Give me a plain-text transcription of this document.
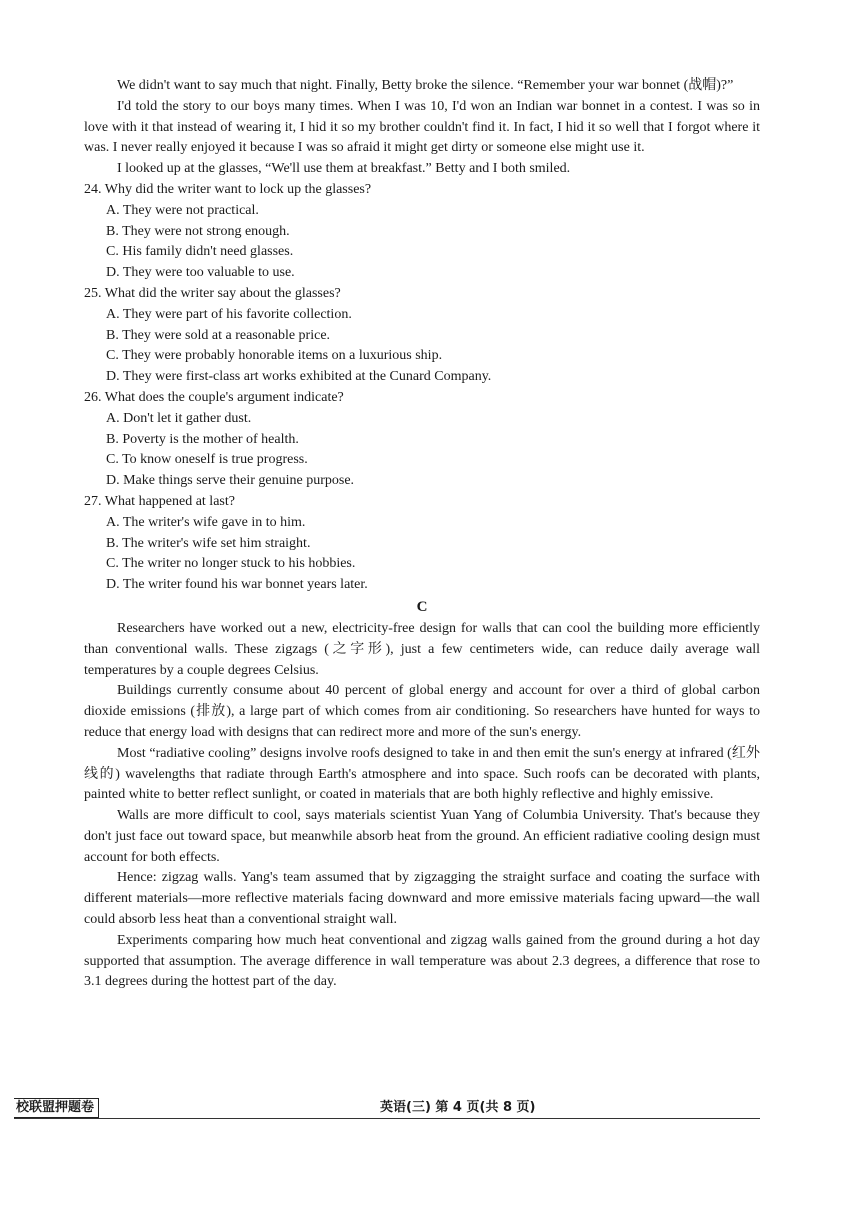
We didn't want to say much that night. Finally, Betty broke the silence. “Remember your war bonnet (战帽)?”

I'd told the story to our boys many times. When I was 10, I'd won an Indian war bonnet in a contest. I was so in love with it that instead of wearing it, I hid it so my brother couldn't find it. In fact, I hid it so well that I forgot where it was. I never really enjoyed it because I was so afraid it might get dirty or someone else might use it.

I looked up at the glasses, “We'll use them at breakfast.” Betty and I both smiled.

24. Why did the writer want to lock up the glasses?

A. They were not practical.

B. They were not strong enough.

C. His family didn't need glasses.

D. They were too valuable to use.

25. What did the writer say about the glasses?

A. They were part of his favorite collection.

B. They were sold at a reasonable price.

C. They were probably honorable items on a luxurious ship.

D. They were first-class art works exhibited at the Cunard Company.

26. What does the couple's argument indicate?

A. Don't let it gather dust.

B. Poverty is the mother of health.

C. To know oneself is true progress.

D. Make things serve their genuine purpose.

27. What happened at last?

A. The writer's wife gave in to him.

B. The writer's wife set him straight.

C. The writer no longer stuck to his hobbies.

D. The writer found his war bonnet years later.

C

Researchers have worked out a new, electricity-free design for walls that can cool the building more efficiently than conventional walls. These zigzags (之字形), just a few centimeters wide, can reduce daily average wall temperatures by a couple degrees Celsius.

Buildings currently consume about 40 percent of global energy and account for over a third of global carbon dioxide emissions (排放), a large part of which comes from air conditioning. So researchers have hunted for ways to reduce that energy load with designs that can redirect more and more of the sun's energy.

Most “radiative cooling” designs involve roofs designed to take in and then emit the sun's energy at infrared (红外线的) wavelengths that radiate through Earth's atmosphere and into space. Such roofs can be decorated with plants, painted white to better reflect sunlight, or coated in materials that are both highly reflective and highly emissive.

Walls are more difficult to cool, says materials scientist Yuan Yang of Columbia University. That's because they don't just face out toward space, but meanwhile absorb heat from the ground. An efficient radiative cooling design must account for both effects.

Hence: zigzag walls. Yang's team assumed that by zigzagging the straight surface and coating the surface with different materials—more reflective materials facing downward and more emissive materials facing upward—the wall could absorb less heat than a conventional straight wall.

Experiments comparing how much heat conventional and zigzag walls gained from the ground during a hot day supported that assumption. The average difference in wall temperature was about 2.3 degrees, a difference that rose to 3.1 degrees during the hottest part of the day.

校联盟押题卷	英语(三) 第 4 页(共 8 页)
